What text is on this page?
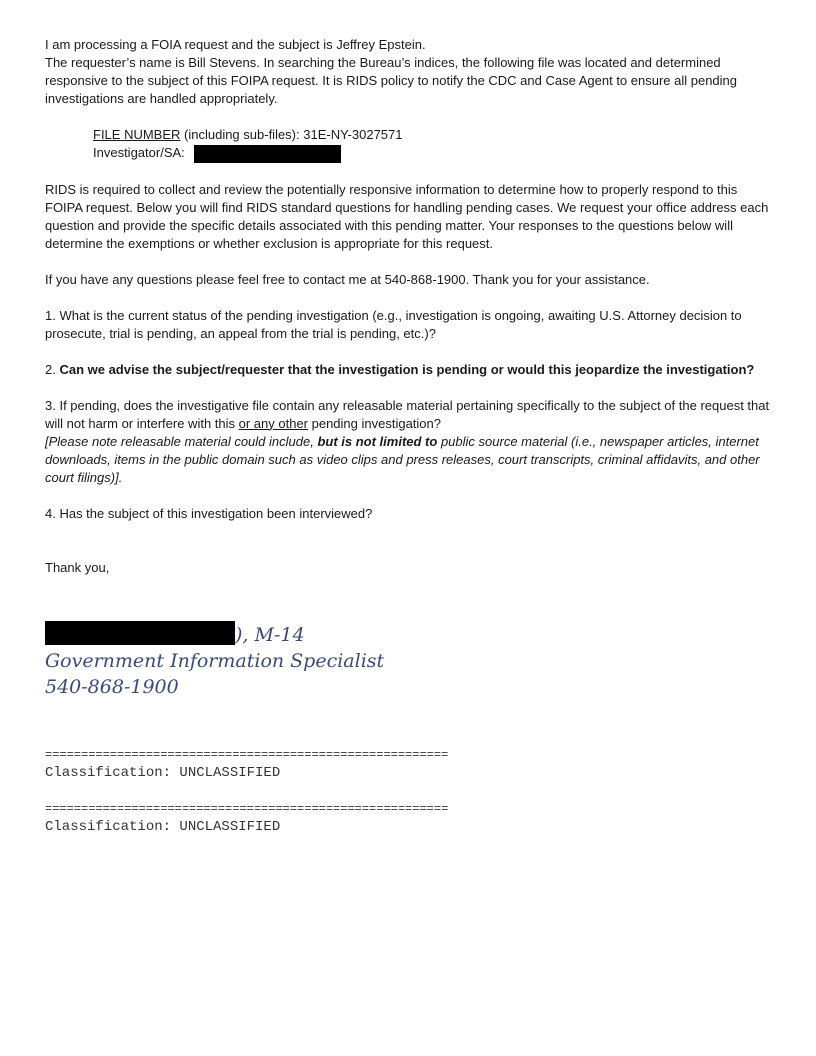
I am processing a FOIA request and the subject is Jeffrey Epstein.

The requester’s name is Bill Stevens. In searching the Bureau’s indices, the following file was located and determined responsive to the subject of this FOIPA request. It is RIDS policy to notify the CDC and Case Agent to ensure all pending investigations are handled appropriately.

FILE NUMBER (including sub-files): 31E-NY-3027571

Investigator/SA:

RIDS is required to collect and review the potentially responsive information to determine how to properly respond to this FOIPA request. Below you will find RIDS standard questions for handling pending cases. We request your office address each question and provide the specific details associated with this pending matter. Your responses to the questions below will determine the exemptions or whether exclusion is appropriate for this request.

If you have any questions please feel free to contact me at 540-868-1900. Thank you for your assistance.

1. What is the current status of the pending investigation (e.g., investigation is ongoing, awaiting U.S. Attorney decision to prosecute, trial is pending, an appeal from the trial is pending, etc.)?

2. Can we advise the subject/requester that the investigation is pending or would this jeopardize the investigation?

3. If pending, does the investigative file contain any releasable material pertaining specifically to the subject of the request that will not harm or interfere with this or any other pending investigation?

[Please note releasable material could include, but is not limited to public source material (i.e., newspaper articles, internet downloads, items in the public domain such as video clips and press releases, court transcripts, criminal affidavits, and other court filings)].

4. Has the subject of this investigation been interviewed?

Thank you,

), M-14

Government Information Specialist

540-868-1900

========================================================

Classification: UNCLASSIFIED

========================================================

Classification: UNCLASSIFIED
